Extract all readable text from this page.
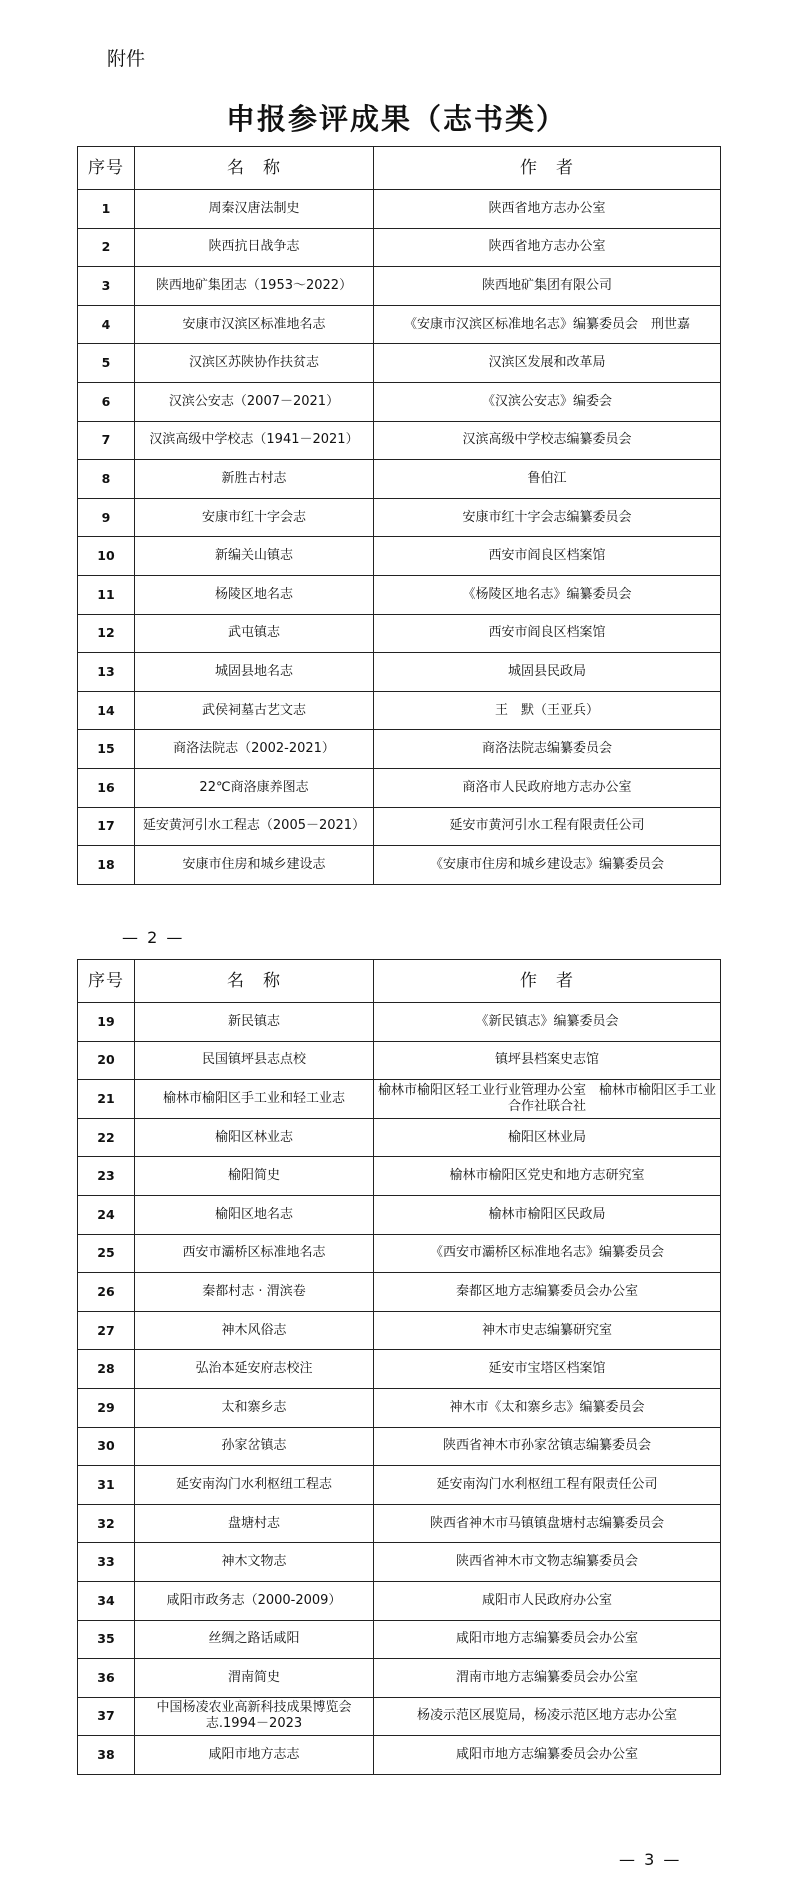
附件
申报参评成果（志书类）
序号	名　称	作　者
1	周秦汉唐法制史	陕西省地方志办公室
2	陕西抗日战争志	陕西省地方志办公室
3	陕西地矿集团志（1953～2022）	陕西地矿集团有限公司
4	安康市汉滨区标准地名志	《安康市汉滨区标准地名志》编纂委员会　刑世嘉
5	汉滨区苏陕协作扶贫志	汉滨区发展和改革局
6	汉滨公安志（2007－2021）	《汉滨公安志》编委会
7	汉滨高级中学校志（1941－2021）	汉滨高级中学校志编纂委员会
8	新胜古村志	鲁伯江
9	安康市红十字会志	安康市红十字会志编纂委员会
10	新编关山镇志	西安市阎良区档案馆
11	杨陵区地名志	《杨陵区地名志》编纂委员会
12	武屯镇志	西安市阎良区档案馆
13	城固县地名志	城固县民政局
14	武侯祠墓古艺文志	王　默（王亚兵）
15	商洛法院志（2002-2021）	商洛法院志编纂委员会
16	22℃商洛康养图志	商洛市人民政府地方志办公室
17	延安黄河引水工程志（2005－2021）	延安市黄河引水工程有限责任公司
18	安康市住房和城乡建设志	《安康市住房和城乡建设志》编纂委员会
— 2 —
序号	名　称	作　者
19	新民镇志	《新民镇志》编纂委员会
20	民国镇坪县志点校	镇坪县档案史志馆
21	榆林市榆阳区手工业和轻工业志	榆林市榆阳区轻工业行业管理办公室　榆林市榆阳区手工业合作社联合社
22	榆阳区林业志	榆阳区林业局
23	榆阳简史	榆林市榆阳区党史和地方志研究室
24	榆阳区地名志	榆林市榆阳区民政局
25	西安市灞桥区标准地名志	《西安市灞桥区标准地名志》编纂委员会
26	秦都村志 · 渭滨卷	秦都区地方志编纂委员会办公室
27	神木风俗志	神木市史志编纂研究室
28	弘治本延安府志校注	延安市宝塔区档案馆
29	太和寨乡志	神木市《太和寨乡志》编纂委员会
30	孙家岔镇志	陕西省神木市孙家岔镇志编纂委员会
31	延安南沟门水利枢纽工程志	延安南沟门水利枢纽工程有限责任公司
32	盘塘村志	陕西省神木市马镇镇盘塘村志编纂委员会
33	神木文物志	陕西省神木市文物志编纂委员会
34	咸阳市政务志（2000-2009）	咸阳市人民政府办公室
35	丝绸之路话咸阳	咸阳市地方志编纂委员会办公室
36	渭南简史	渭南市地方志编纂委员会办公室
37	中国杨凌农业高新科技成果博览会志.1994－2023	杨凌示范区展览局，杨凌示范区地方志办公室
38	咸阳市地方志志	咸阳市地方志编纂委员会办公室
— 3 —
